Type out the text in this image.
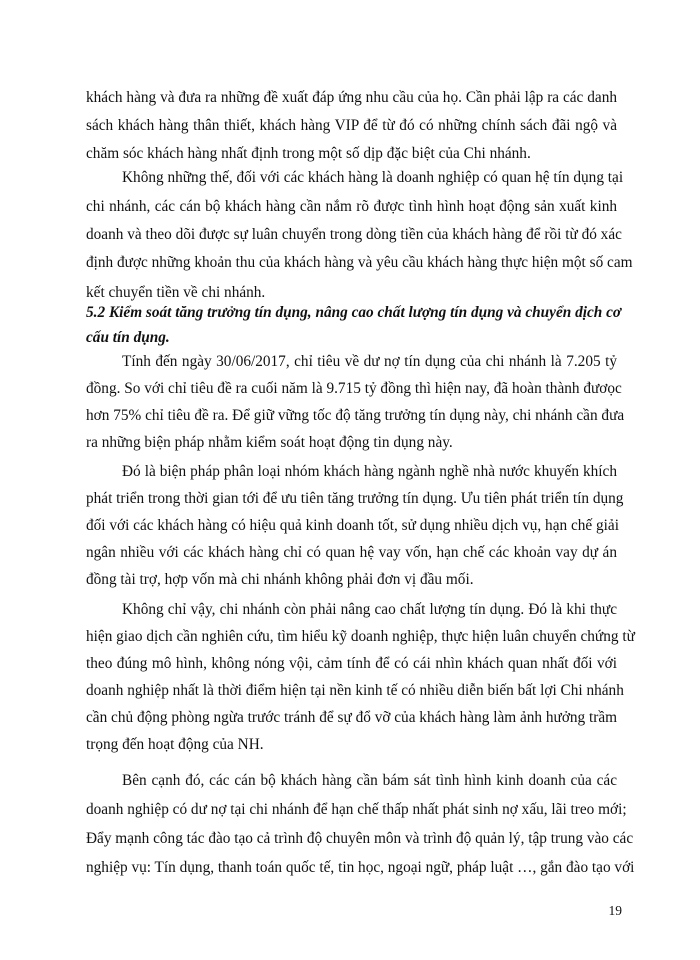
khách hàng và đưa ra những đề xuất đáp ứng nhu cầu của họ. Cần phải lập ra các danh
sách khách hàng thân thiết, khách hàng VIP để từ đó có những chính sách đãi ngộ và
chăm sóc khách hàng nhất định trong một số dịp đặc biệt của Chi nhánh.
Không những thế, đối với các khách hàng là doanh nghiệp có quan hệ tín dụng tại
chi nhánh, các cán bộ khách hàng cần nắm rõ được tình hình hoạt động sản xuất kinh
doanh và theo dõi được sự luân chuyển trong dòng tiền của khách hàng để rồi từ đó xác
định được những khoản thu của khách hàng và yêu cầu khách hàng thực hiện một số cam
kết chuyển tiền về chi nhánh.
5.2 Kiểm soát tăng trưởng tín dụng, nâng cao chất lượng tín dụng và chuyển dịch cơ
cấu tín dụng.
Tính đến ngày 30/06/2017, chỉ tiêu về dư nợ tín dụng của chi nhánh là 7.205 tỷ
đồng. So với chỉ tiêu đề ra cuối năm là 9.715 tỷ đồng thì hiện nay, đã hoàn thành đươọc
hơn 75% chỉ tiêu đề ra. Để giữ vững tốc độ tăng trưởng tín dụng này, chi nhánh cần đưa
ra những biện pháp nhằm kiểm soát hoạt động tin dụng này.
Đó là biện pháp phân loại nhóm khách hàng ngành nghề nhà nước khuyến khích
phát triển trong thời gian tới để ưu tiên tăng trưởng tín dụng. Ưu tiên phát triển tín dụng
đối với các khách hàng có hiệu quả kinh doanh tốt, sử dụng nhiều dịch vụ, hạn chế giải
ngân nhiều với các khách hàng chỉ có quan hệ vay vốn, hạn chế các khoản vay dự án
đồng tài trợ, hợp vốn mà chi nhánh không phải đơn vị đầu mối.
Không chỉ vậy, chi nhánh còn phải nâng cao chất lượng tín dụng. Đó là khi thực
hiện giao dịch cần nghiên cứu, tìm hiểu kỹ doanh nghiệp, thực hiện luân chuyển chứng từ
theo đúng mô hình, không nóng vội, cảm tính để có cái nhìn khách quan nhất đối với
doanh nghiệp nhất là thời điểm hiện tại nền kinh tế có nhiều diễn biến bất lợi Chi nhánh
cần chủ động phòng ngừa trước tránh để sự đổ vỡ của khách hàng làm ảnh hưởng trầm
trọng đến hoạt động của NH.
Bên cạnh đó, các cán bộ khách hàng cần bám sát tình hình kinh doanh của các
doanh nghiệp có dư nợ tại chi nhánh để hạn chế thấp nhất phát sinh nợ xấu, lãi treo mới;
Đẩy mạnh công tác đào tạo cả trình độ chuyên môn và trình độ quản lý, tập trung vào các
nghiệp vụ: Tín dụng, thanh toán quốc tế, tin học, ngoại ngữ, pháp luật …, gắn đào tạo với
19
